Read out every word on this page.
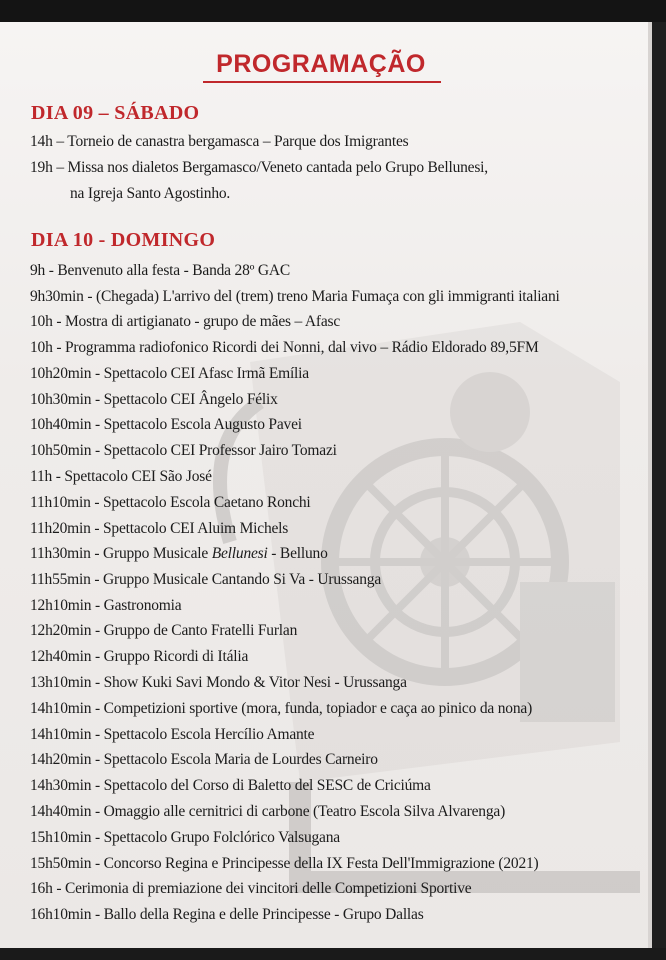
PROGRAMAÇÃO
DIA 09 – SÁBADO
14h – Torneio de canastra bergamasca – Parque dos Imigrantes
19h – Missa nos dialetos Bergamasco/Veneto cantada pelo Grupo Bellunesi,
na Igreja Santo Agostinho.
DIA 10 - DOMINGO
9h - Benvenuto alla festa - Banda 28º GAC
9h30min - (Chegada) L'arrivo del (trem) treno Maria Fumaça con gli immigranti italiani
10h - Mostra di artigianato - grupo de mães – Afasc
10h - Programma radiofonico Ricordi dei Nonni, dal vivo – Rádio Eldorado 89,5FM
10h20min - Spettacolo CEI Afasc Irmã Emília
10h30min - Spettacolo CEI Ângelo Félix
10h40min - Spettacolo Escola Augusto Pavei
10h50min - Spettacolo CEI Professor Jairo Tomazi
11h - Spettacolo CEI São José
11h10min - Spettacolo Escola Caetano Ronchi
11h20min - Spettacolo CEI Aluim Michels
11h30min - Gruppo Musicale Bellunesi - Belluno
11h55min - Gruppo Musicale Cantando Si Va - Urussanga
12h10min - Gastronomia
12h20min - Gruppo de Canto Fratelli Furlan
12h40min - Gruppo Ricordi di Itália
13h10min - Show Kuki Savi Mondo & Vitor Nesi - Urussanga
14h10min - Competizioni sportive (mora, funda, topiador e caça ao pinico da nona)
14h10min - Spettacolo Escola Hercílio Amante
14h20min - Spettacolo Escola Maria de Lourdes Carneiro
14h30min - Spettacolo del Corso di Baletto del SESC de Criciúma
14h40min - Omaggio alle cernitrici di carbone (Teatro Escola Silva Alvarenga)
15h10min - Spettacolo Grupo Folclórico Valsugana
15h50min - Concorso Regina e Principesse della IX Festa Dell'Immigrazione (2021)
16h - Cerimonia di premiazione dei vincitori delle Competizioni Sportive
16h10min - Ballo della Regina e delle Principesse - Grupo Dallas
